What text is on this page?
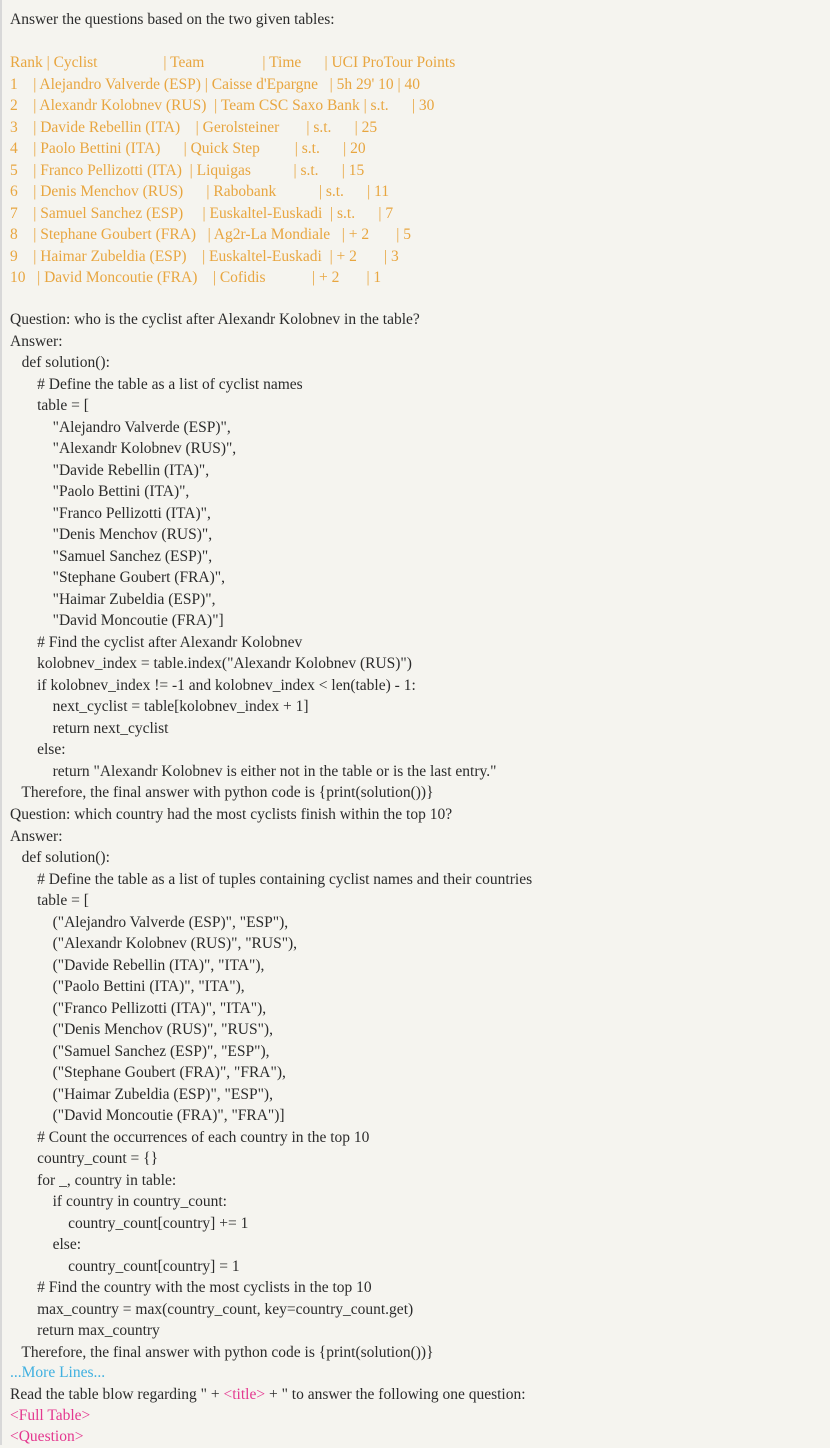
Answer the questions based on the two given tables:
Rank | Cyclist                 | Team               | Time      | UCI ProTour Points
1    | Alejandro Valverde (ESP) | Caisse d'Epargne   | 5h 29' 10 | 40
2    | Alexandr Kolobnev (RUS)  | Team CSC Saxo Bank | s.t.      | 30
3    | Davide Rebellin (ITA)    | Gerolsteiner       | s.t.      | 25
4    | Paolo Bettini (ITA)      | Quick Step         | s.t.      | 20
5    | Franco Pellizotti (ITA)  | Liquigas           | s.t.      | 15
6    | Denis Menchov (RUS)      | Rabobank           | s.t.      | 11
7    | Samuel Sanchez (ESP)     | Euskaltel-Euskadi  | s.t.      | 7
8    | Stephane Goubert (FRA)   | Ag2r-La Mondiale   | + 2       | 5
9    | Haimar Zubeldia (ESP)    | Euskaltel-Euskadi  | + 2       | 3
10   | David Moncoutie (FRA)    | Cofidis            | + 2       | 1
Question: who is the cyclist after Alexandr Kolobnev in the table?
Answer:
def solution():
# Define the table as a list of cyclist names
table = [
"Alejandro Valverde (ESP)",
"Alexandr Kolobnev (RUS)",
"Davide Rebellin (ITA)",
"Paolo Bettini (ITA)",
"Franco Pellizotti (ITA)",
"Denis Menchov (RUS)",
"Samuel Sanchez (ESP)",
"Stephane Goubert (FRA)",
"Haimar Zubeldia (ESP)",
"David Moncoutie (FRA)"]
# Find the cyclist after Alexandr Kolobnev
kolobnev_index = table.index("Alexandr Kolobnev (RUS)")
if kolobnev_index != -1 and kolobnev_index < len(table) - 1:
next_cyclist = table[kolobnev_index + 1]
return next_cyclist
else:
return "Alexandr Kolobnev is either not in the table or is the last entry."
Therefore, the final answer with python code is {print(solution())}
Question: which country had the most cyclists finish within the top 10?
Answer:
def solution():
# Define the table as a list of tuples containing cyclist names and their countries
table = [
("Alejandro Valverde (ESP)", "ESP"),
("Alexandr Kolobnev (RUS)", "RUS"),
("Davide Rebellin (ITA)", "ITA"),
("Paolo Bettini (ITA)", "ITA"),
("Franco Pellizotti (ITA)", "ITA"),
("Denis Menchov (RUS)", "RUS"),
("Samuel Sanchez (ESP)", "ESP"),
("Stephane Goubert (FRA)", "FRA"),
("Haimar Zubeldia (ESP)", "ESP"),
("David Moncoutie (FRA)", "FRA")]
# Count the occurrences of each country in the top 10
country_count = {}
for _, country in table:
if country in country_count:
country_count[country] += 1
else:
country_count[country] = 1
# Find the country with the most cyclists in the top 10
max_country = max(country_count, key=country_count.get)
return max_country
Therefore, the final answer with python code is {print(solution())}
...More Lines...
Read the table blow regarding " + <title> + " to answer the following one question:
<Full Table>
<Question>
